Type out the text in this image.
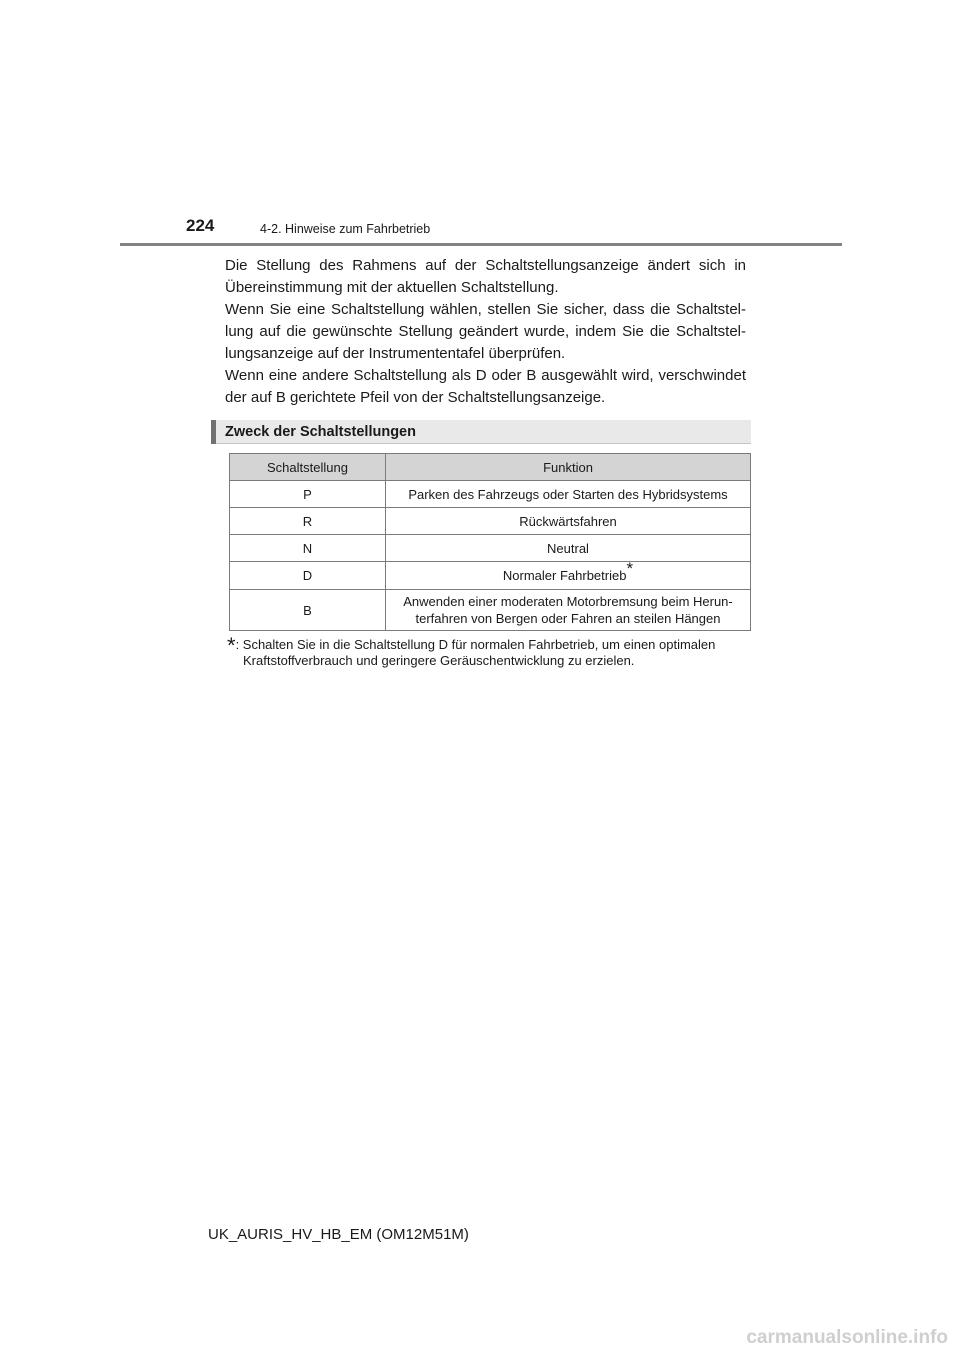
224	4-2. Hinweise zum Fahrbetrieb

Die Stellung des Rahmens auf der Schaltstellungsanzeige ändert sich in Übereinstimmung mit der aktuellen Schaltstellung.

Wenn Sie eine Schaltstellung wählen, stellen Sie sicher, dass die Schaltstel-lung auf die gewünschte Stellung geändert wurde, indem Sie die Schaltstel-lungsanzeige auf der Instrumententafel überprüfen.

Wenn eine andere Schaltstellung als D oder B ausgewählt wird, verschwindet der auf B gerichtete Pfeil von der Schaltstellungsanzeige.

Zweck der Schaltstellungen
Schaltstellung	Funktion
P	Parken des Fahrzeugs oder Starten des Hybridsystems
R	Rückwärtsfahren
N	Neutral
D	Normaler Fahrbetrieb*
B	Anwenden einer moderaten Motorbremsung beim Herun-
terfahren von Bergen oder Fahren an steilen Hängen

*: Schalten Sie in die Schaltstellung D für normalen Fahrbetrieb, um einen optimalen
Kraftstoffverbrauch und geringere Geräuschentwicklung zu erzielen.

UK_AURIS_HV_HB_EM (OM12M51M)
carmanualsonline.info
